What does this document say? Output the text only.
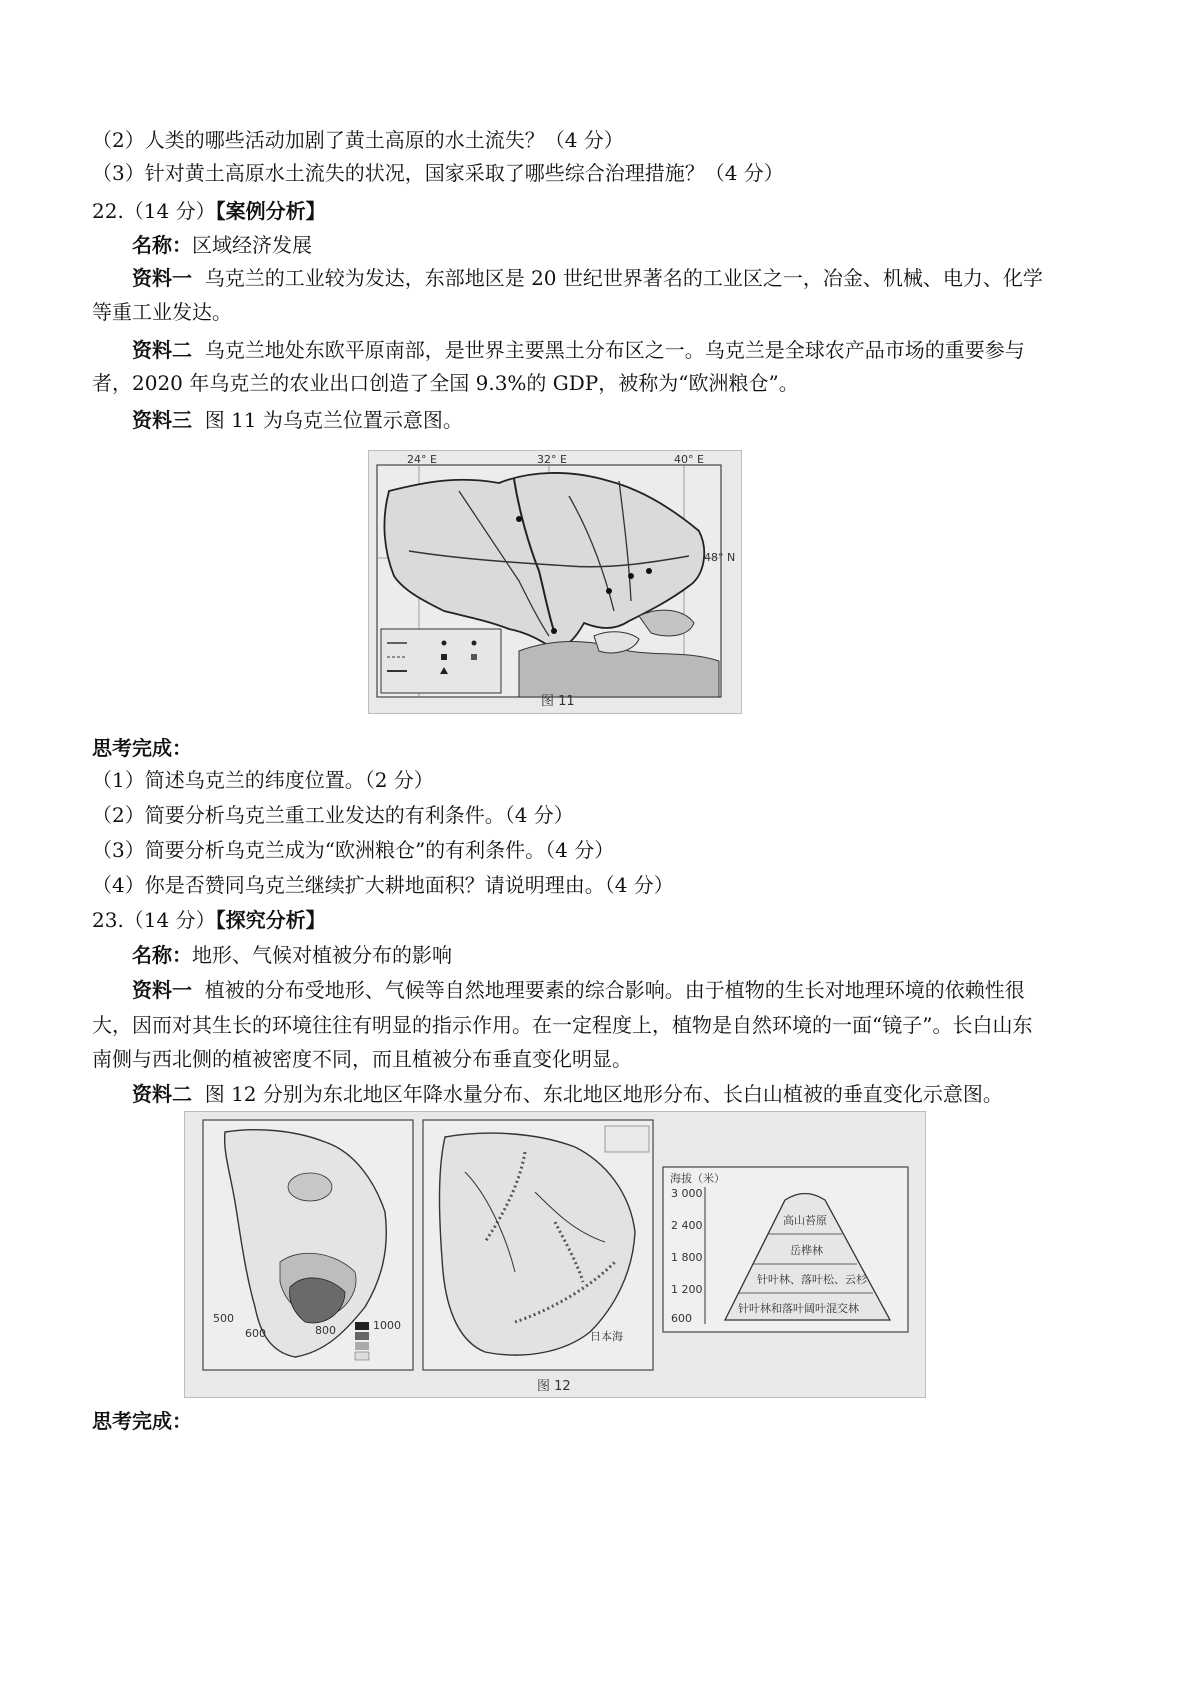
（2）人类的哪些活动加剧了黄土高原的水土流失？（4 分）
（3）针对黄土高原水土流失的状况，国家采取了哪些综合治理措施？（4 分）
22.（14 分）【案例分析】
名称：区域经济发展
资料一 乌克兰的工业较为发达，东部地区是 20 世纪世界著名的工业区之一，冶金、机械、电力、化学
等重工业发达。
资料二 乌克兰地处东欧平原南部，是世界主要黑土分布区之一。乌克兰是全球农产品市场的重要参与
者，2020 年乌克兰的农业出口创造了全国 9.3%的 GDP，被称为“欧洲粮仓”。
资料三 图 11 为乌克兰位置示意图。
24° E	32° E	40° E
48° N
图 11
思考完成：
（1）简述乌克兰的纬度位置。（2 分）
（2）简要分析乌克兰重工业发达的有利条件。（4 分）
（3）简要分析乌克兰成为“欧洲粮仓”的有利条件。（4 分）
（4）你是否赞同乌克兰继续扩大耕地面积？请说明理由。（4 分）
23.（14 分）【探究分析】
名称：地形、气候对植被分布的影响
资料一 植被的分布受地形、气候等自然地理要素的综合影响。由于植物的生长对地理环境的依赖性很
大，因而对其生长的环境往往有明显的指示作用。在一定程度上，植物是自然环境的一面“镜子”。长白山东
南侧与西北侧的植被密度不同，而且植被分布垂直变化明显。
资料二 图 12 分别为东北地区年降水量分布、东北地区地形分布、长白山植被的垂直变化示意图。
500
600	800	1000
日本海
海拔（米）
3 000
2 400
1 800
1 200
600
高山苔原
岳桦林
针叶林、落叶松、云杉
针叶林和落叶阔叶混交林
图 12
思考完成：
